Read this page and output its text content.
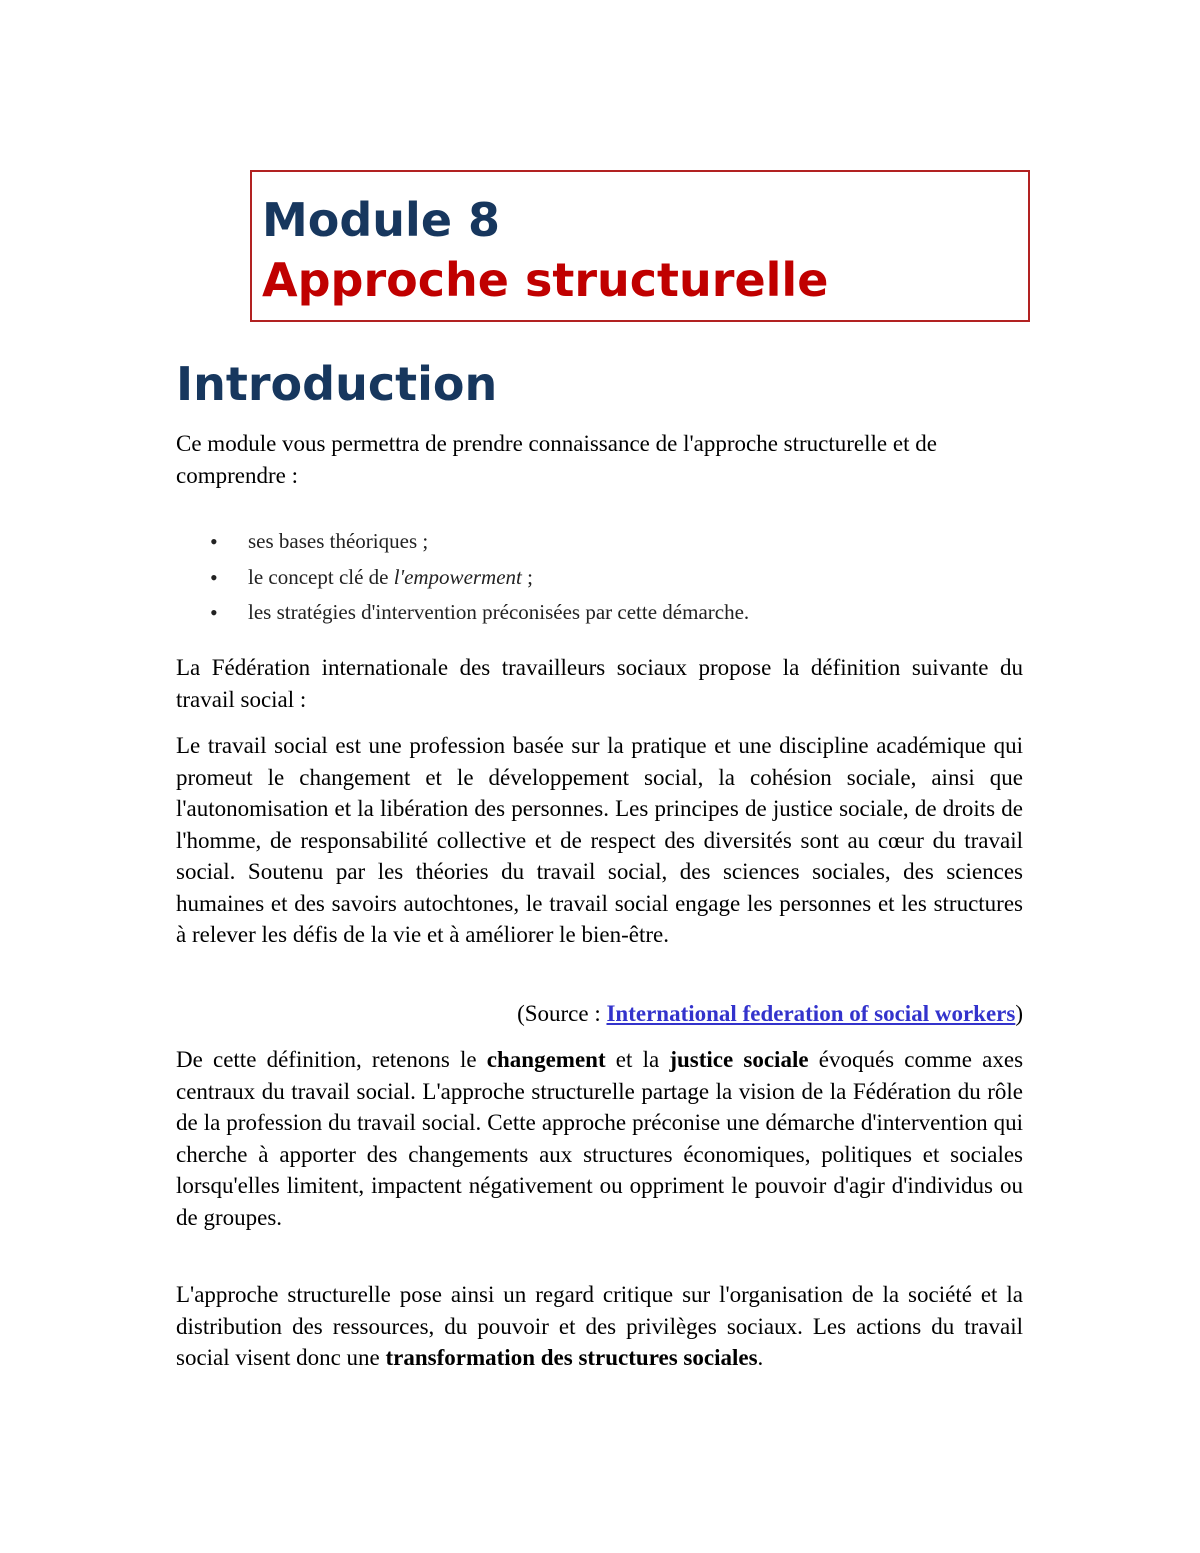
Module 8
Approche structurelle
Introduction

Ce module vous permettra de prendre connaissance de l'approche structurelle et de comprendre :

• ses bases théoriques ;
• le concept clé de l'empowerment ;
• les stratégies d'intervention préconisées par cette démarche.

La Fédération internationale des travailleurs sociaux propose la définition suivante du travail social :

Le travail social est une profession basée sur la pratique et une discipline académique qui promeut le changement et le développement social, la cohésion sociale, ainsi que l'autonomisation et la libération des personnes. Les principes de justice sociale, de droits de l'homme, de responsabilité collective et de respect des diversités sont au cœur du travail social. Soutenu par les théories du travail social, des sciences sociales, des sciences humaines et des savoirs autochtones, le travail social engage les personnes et les structures à relever les défis de la vie et à améliorer le bien-être.

(Source : International federation of social workers)

De cette définition, retenons le changement et la justice sociale évoqués comme axes centraux du travail social. L'approche structurelle partage la vision de la Fédération du rôle de la profession du travail social. Cette approche préconise une démarche d'intervention qui cherche à apporter des changements aux structures économiques, politiques et sociales lorsqu'elles limitent, impactent négativement ou oppriment le pouvoir d'agir d'individus ou de groupes.

L'approche structurelle pose ainsi un regard critique sur l'organisation de la société et la distribution des ressources, du pouvoir et des privilèges sociaux. Les actions du travail social visent donc une transformation des structures sociales.
